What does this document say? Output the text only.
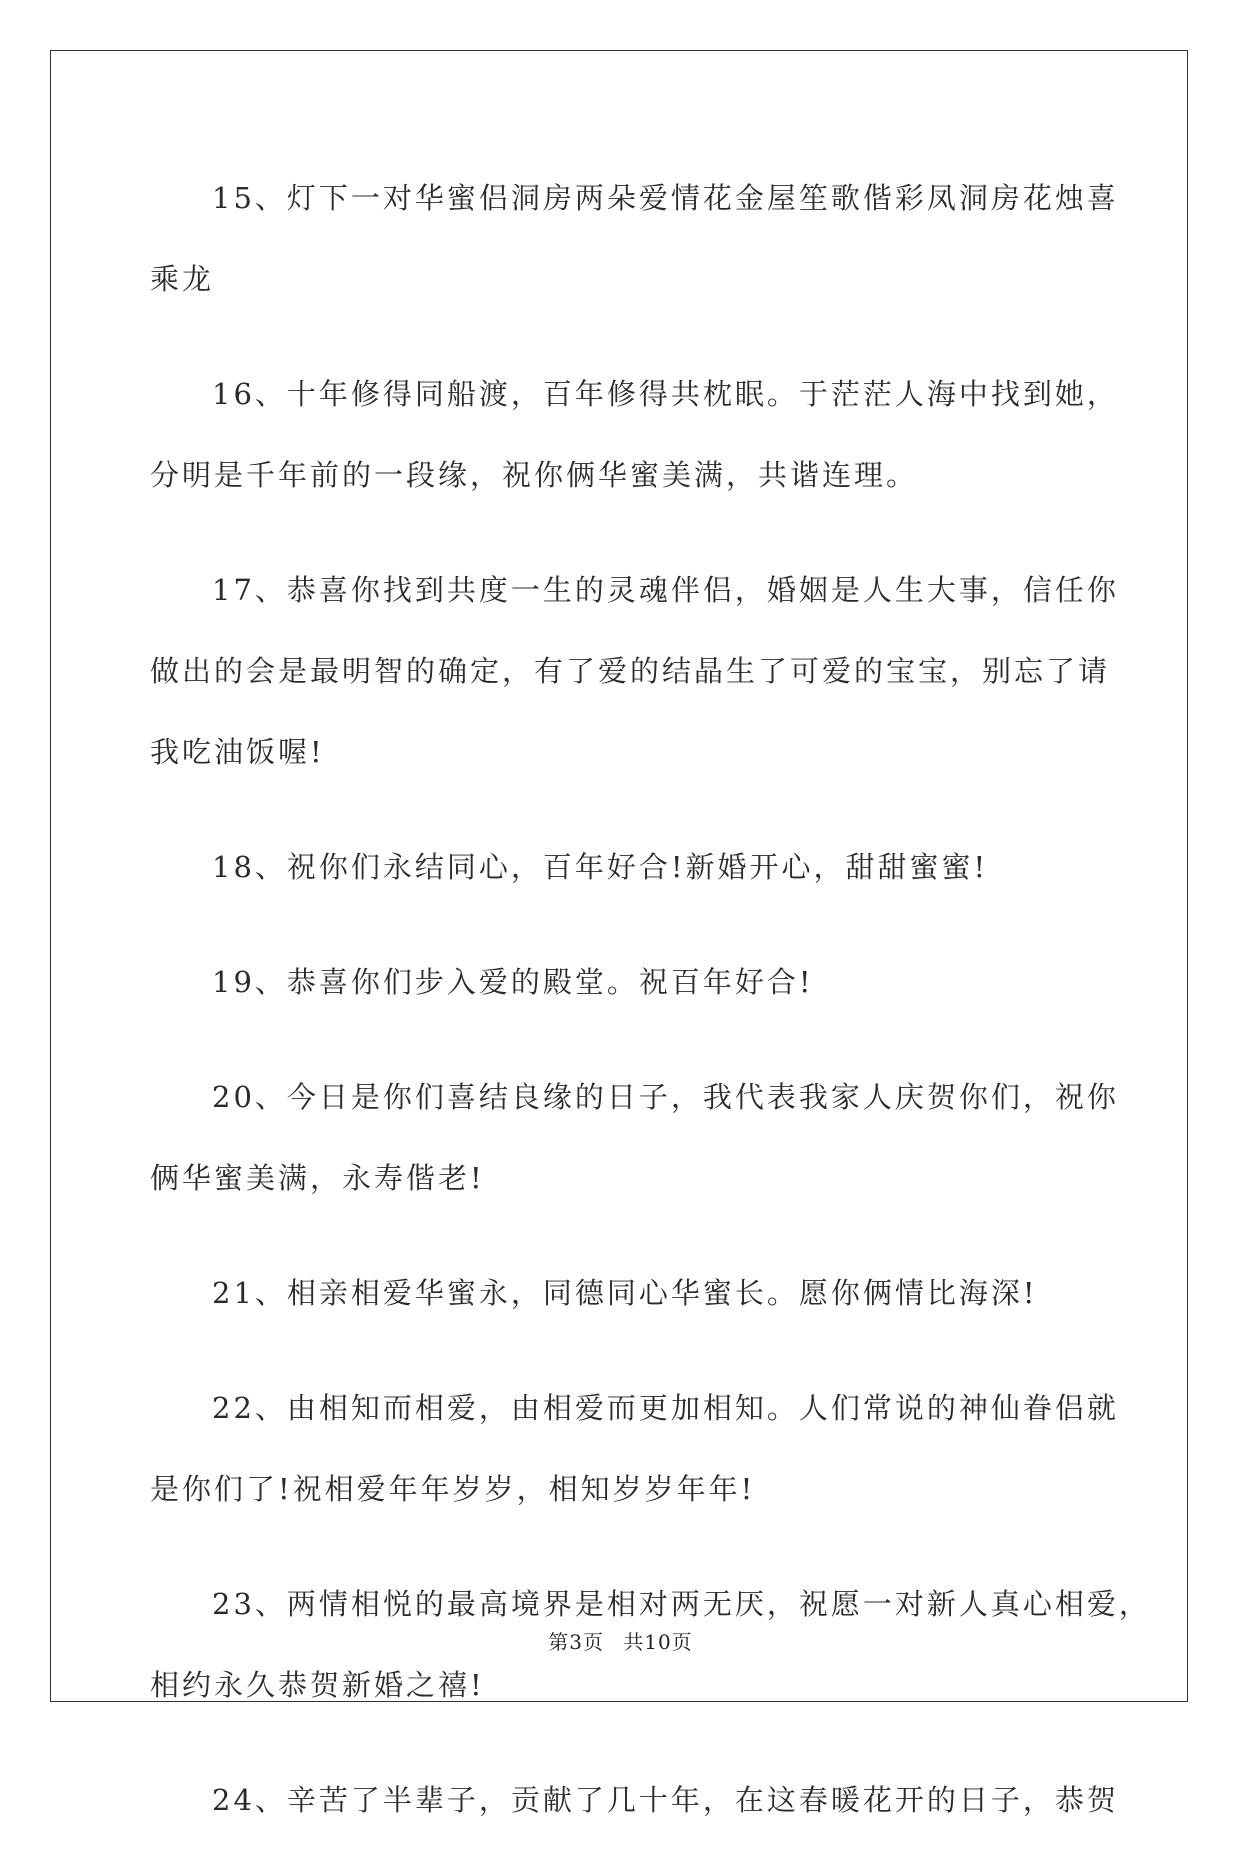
15、灯下一对华蜜侣洞房两朵爱情花金屋笙歌偕彩凤洞房花烛喜
乘龙

16、十年修得同船渡，百年修得共枕眠。于茫茫人海中找到她，
分明是千年前的一段缘，祝你俩华蜜美满，共谐连理。

17、恭喜你找到共度一生的灵魂伴侣，婚姻是人生大事，信任你
做出的会是最明智的确定，有了爱的结晶生了可爱的宝宝，别忘了请
我吃油饭喔!

18、祝你们永结同心，百年好合!新婚开心，甜甜蜜蜜!

19、恭喜你们步入爱的殿堂。祝百年好合!

20、今日是你们喜结良缘的日子，我代表我家人庆贺你们，祝你
俩华蜜美满，永寿偕老!

21、相亲相爱华蜜永，同德同心华蜜长。愿你俩情比海深!

22、由相知而相爱，由相爱而更加相知。人们常说的神仙眷侣就
是你们了!祝相爱年年岁岁，相知岁岁年年!

23、两情相悦的最高境界是相对两无厌，祝愿一对新人真心相爱，
相约永久恭贺新婚之禧!

24、辛苦了半辈子，贡献了几十年，在这春暖花开的日子，恭贺

第3页 共10页
